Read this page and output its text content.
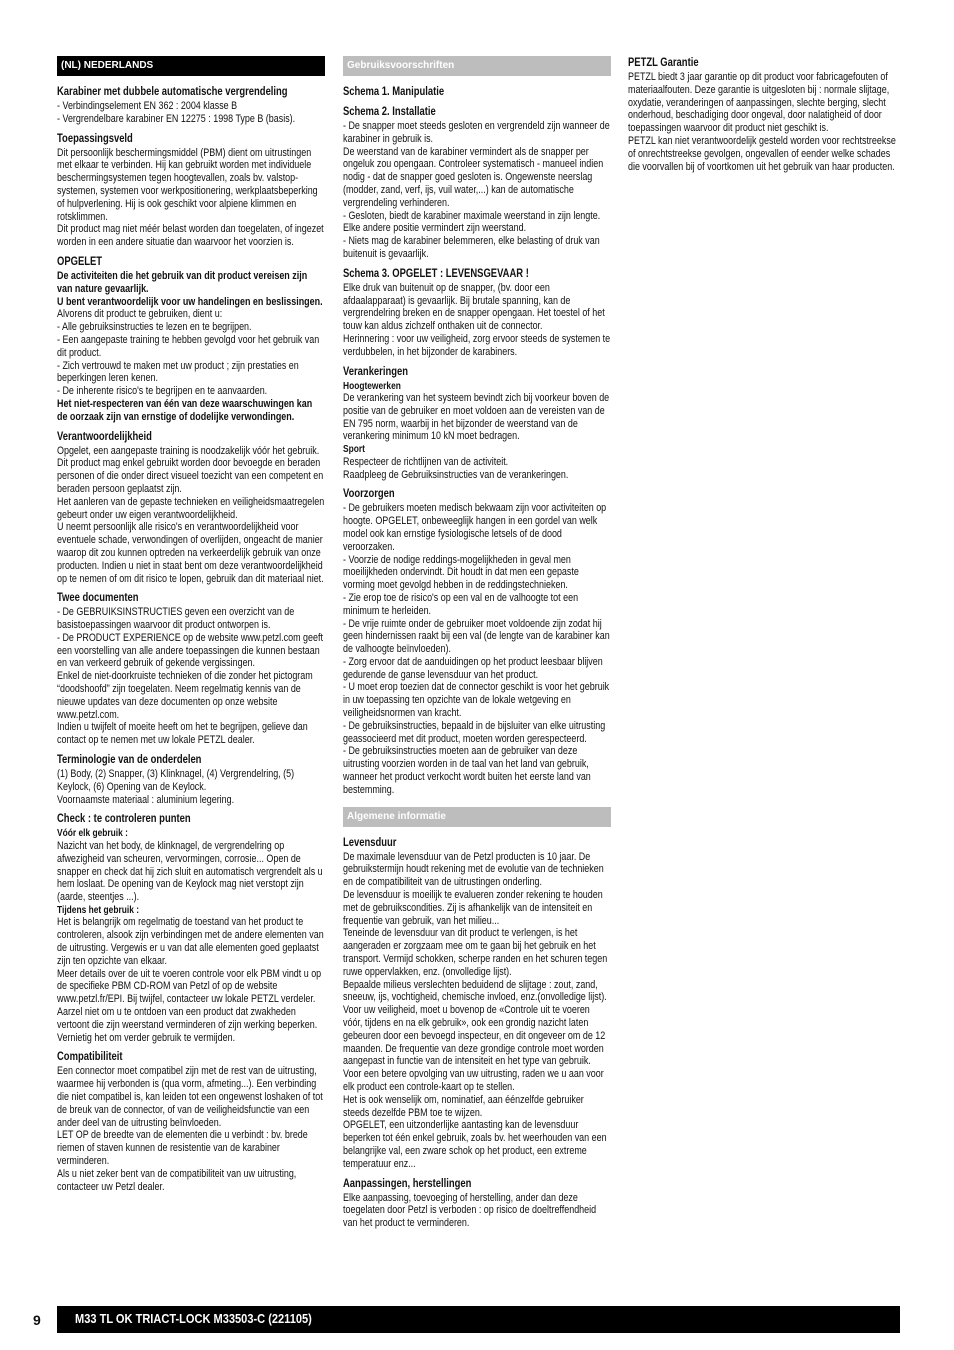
(NL) NEDERLANDS
Karabiner met dubbele automatische vergrendeling
- Verbindingselement EN 362 : 2004 klasse B
- Vergrendelbare karabiner EN 12275 : 1998 Type B (basis).
Toepassingsveld
Dit persoonlijk beschermingsmiddel (PBM) dient om uitrustingen met elkaar te verbinden. Hij kan gebruikt worden met individuele beschermingsystemen tegen hoogtevallen, zoals bv. valstop-systemen, systemen voor werkpositionering, werkplaatsbeperking of hulpverlening. Hij is ook geschikt voor alpiene klimmen en rotsklimmen.
Dit product mag niet méér belast worden dan toegelaten, of ingezet worden in een andere situatie dan waarvoor het voorzien is.
OPGELET
De activiteiten die het gebruik van dit product vereisen zijn van nature gevaarlijk.
U bent verantwoordelijk voor uw handelingen en beslissingen.
Alvorens dit product te gebruiken, dient u:
- Alle gebruiksinstructies te lezen en te begrijpen.
- Een aangepaste training te hebben gevolgd voor het gebruik van dit product.
- Zich vertrouwd te maken met uw product ; zijn prestaties en beperkingen leren kenen.
- De inherente risico's te begrijpen en te aanvaarden.
Het niet-respecteren van één van deze waarschuwingen kan de oorzaak zijn van ernstige of dodelijke verwondingen.
Verantwoordelijkheid
Opgelet, een aangepaste training is noodzakelijk vóór het gebruik.
Dit product mag enkel gebruikt worden door bevoegde en beraden personen of die onder direct visueel toezicht van een competent en beraden persoon geplaatst zijn.
Het aanleren van de gepaste technieken en veiligheidsmaatregelen gebeurt onder uw eigen verantwoordelijkheid.
U neemt persoonlijk alle risico's en verantwoordelijkheid voor eventuele schade, verwondingen of overlijden, ongeacht de manier waarop dit zou kunnen optreden na verkeerdelijk gebruik van onze producten. Indien u niet in staat bent om deze verantwoordelijkheid op te nemen of om dit risico te lopen, gebruik dan dit materiaal niet.
Twee documenten
- De GEBRUIKSINSTRUCTIES geven een overzicht van de basistoepassingen waarvoor dit product ontworpen is.
- De PRODUCT EXPERIENCE op de website www.petzl.com geeft een voorstelling van alle andere toepassingen die kunnen bestaan en van verkeerd gebruik of gekende vergissingen.
Enkel de niet-doorkruiste technieken of die zonder het pictogram “doodshoofd” zijn toegelaten. Neem regelmatig kennis van de nieuwe updates van deze documenten op onze website www.petzl.com.
Indien u twijfelt of moeite heeft om het te begrijpen, gelieve dan contact op te nemen met uw lokale PETZL dealer.
Terminologie van de onderdelen
(1) Body, (2) Snapper, (3) Klinknagel, (4) Vergrendelring, (5) Keylock, (6) Opening van de Keylock.
Voornaamste materiaal : aluminium legering.
Check : te controleren punten
Vóór elk gebruik :
Nazicht van het body, de klinknagel, de vergrendelring op afwezigheid van scheuren, vervormingen, corrosie... Open de snapper en check dat hij zich sluit en automatisch vergrendelt als u hem loslaat. De opening van de Keylock mag niet verstopt zijn (aarde, steentjes ...).
Tijdens het gebruik :
Het is belangrijk om regelmatig de toestand van het product te controleren, alsook zijn verbindingen met de andere elementen van de uitrusting. Vergewis er u van dat alle elementen goed geplaatst zijn ten opzichte van elkaar.
Meer details over de uit te voeren controle voor elk PBM vindt u op de specifieke PBM CD-ROM van Petzl of op de website www.petzl.fr/EPI. Bij twijfel, contacteer uw lokale PETZL verdeler.
Aarzel niet om u te ontdoen van een product dat zwakheden vertoont die zijn weerstand verminderen of zijn werking beperken. Vernietig het om verder gebruik te vermijden.
Compatibiliteit
Een connector moet compatibel zijn met de rest van de uitrusting, waarmee hij verbonden is (qua vorm, afmeting...). Een verbinding die niet compatibel is, kan leiden tot een ongewenst loshaken of tot de breuk van de connector, of van de veiligheidsfunctie van een ander deel van de uitrusting beïnvloeden.
LET OP de breedte van de elementen die u verbindt : bv. brede riemen of staven kunnen de resistentie van de karabiner verminderen.
Als u niet zeker bent van de compatibiliteit van uw uitrusting, contacteer uw Petzl dealer.
Gebruiksvoorschriften
Schema 1. Manipulatie
Schema 2. Installatie
- De snapper moet steeds gesloten en vergrendeld zijn wanneer de karabiner in gebruik is.
De weerstand van de karabiner vermindert als de snapper per ongeluk zou opengaan. Controleer systematisch - manueel indien nodig - dat de snapper goed gesloten is. Ongewenste neerslag (modder, zand, verf, ijs, vuil water,...) kan de automatische vergrendeling verhinderen.
- Gesloten, biedt de karabiner maximale weerstand in zijn lengte. Elke andere positie vermindert zijn weerstand.
- Niets mag de karabiner belemmeren, elke belasting of druk van buitenuit is gevaarlijk.
Schema 3. OPGELET : LEVENSGEVAAR !
Elke druk van buitenuit op de snapper, (bv. door een afdaalapparaat) is gevaarlijk. Bij brutale spanning, kan de vergrendelring breken en de snapper opengaan. Het toestel of het touw kan aldus zichzelf onthaken uit de connector.
Herinnering : voor uw veiligheid, zorg ervoor steeds de systemen te verdubbelen, in het bijzonder de karabiners.
Verankeringen
Hoogtewerken
De verankering van het systeem bevindt zich bij voorkeur boven de positie van de gebruiker en moet voldoen aan de vereisten van de EN 795 norm, waarbij in het bijzonder de weerstand van de verankering minimum 10 kN moet bedragen.
Sport
Respecteer de richtlijnen van de activiteit.
Raadpleeg de Gebruiksinstructies van de verankeringen.
Voorzorgen
- De gebruikers moeten medisch bekwaam zijn voor activiteiten op hoogte. OPGELET, onbeweeglijk hangen in een gordel van welk model ook kan ernstige fysiologische letsels of de dood veroorzaken.
- Voorzie de nodige reddings-mogelijkheden in geval men moeilijkheden ondervindt. Dit houdt in dat men een gepaste vorming moet gevolgd hebben in de reddingstechnieken.
- Zie erop toe de risico's op een val en de valhoogte tot een minimum te herleiden.
- De vrije ruimte onder de gebruiker moet voldoende zijn zodat hij geen hindernissen raakt bij een val (de lengte van de karabiner kan de valhoogte beïnvloeden).
- Zorg ervoor dat de aanduidingen op het product leesbaar blijven gedurende de ganse levensduur van het product.
- U moet erop toezien dat de connector geschikt is voor het gebruik in uw toepassing ten opzichte van de lokale wetgeving en veiligheidsnormen van kracht.
- De gebruiksinstructies, bepaald in de bijsluiter van elke uitrusting geassocieerd met dit product, moeten worden gerespecteerd.
- De gebruiksinstructies moeten aan de gebruiker van deze uitrusting voorzien worden in de taal van het land van gebruik, wanneer het product verkocht wordt buiten het eerste land van bestemming.
Algemene informatie
Levensduur
De maximale levensduur van de Petzl producten is 10 jaar. De gebruikstermijn houdt rekening met de evolutie van de technieken en de compatibiliteit van de uitrustingen onderling.
De levensduur is moeilijk te evalueren zonder rekening te houden met de gebruikscondities. Zij is afhankelijk van de intensiteit en frequentie van gebruik, van het milieu...
Teneinde de levensduur van dit product te verlengen, is het aangeraden er zorgzaam mee om te gaan bij het gebruik en het transport. Vermijd schokken, scherpe randen en het schuren tegen ruwe oppervlakken, enz. (onvolledige lijst).
Bepaalde milieus verslechten beduidend de slijtage : zout, zand, sneeuw, ijs, vochtigheid, chemische invloed, enz.(onvolledige lijst).
Voor uw veiligheid, moet u bovenop de «Controle uit te voeren vóór, tijdens en na elk gebruik», ook een grondig nazicht laten gebeuren door een bevoegd inspecteur, en dit ongeveer om de 12 maanden. De frequentie van deze grondige controle moet worden aangepast in functie van de intensiteit en het type van gebruik.
Voor een betere opvolging van uw uitrusting, raden we u aan voor elk product een controle-kaart op te stellen.
Het is ook wenselijk om, nominatief, aan éénzelfde gebruiker steeds dezelfde PBM toe te wijzen.
OPGELET, een uitzonderlijke aantasting kan de levensduur beperken tot één enkel gebruik, zoals bv. het weerhouden van een belangrijke val, een zware schok op het product, een extreme temperatuur enz...
Aanpassingen, herstellingen
Elke aanpassing, toevoeging of herstelling, ander dan deze toegelaten door Petzl is verboden : op risico de doeltreffendheid van het product te verminderen.
PETZL Garantie
PETZL biedt 3 jaar garantie op dit product voor fabricagefouten of materiaalfouten. Deze garantie is uitgesloten bij : normale slijtage, oxydatie, veranderingen of aanpassingen, slechte berging, slecht onderhoud, beschadiging door ongeval, door nalatigheid of door toepassingen waarvoor dit product niet geschikt is.
PETZL kan niet verantwoordelijk gesteld worden voor rechtstreekse of onrechtstreekse gevolgen, ongevallen of eender welke schades die voorvallen bij of voortkomen uit het gebruik van haar producten.
9	M33 TL OK TRIACT-LOCK M33503-C (221105)
